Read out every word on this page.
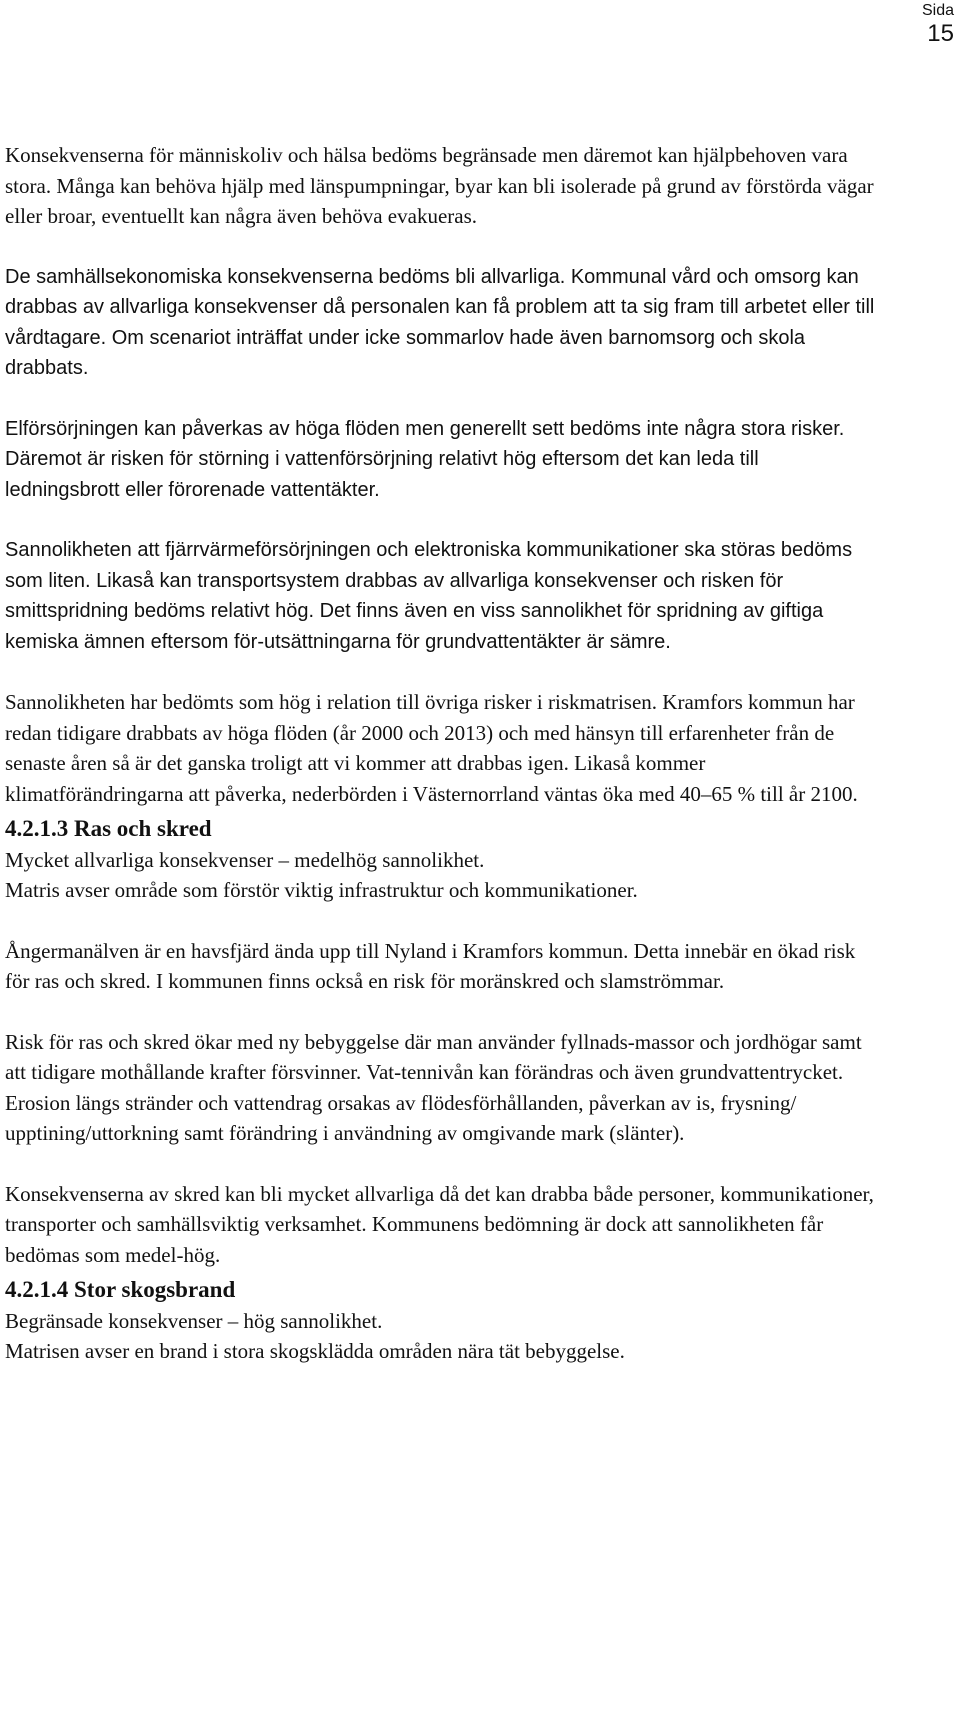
Sida
15

Konsekvenserna för människoliv och hälsa bedöms begränsade men däremot kan hjälpbehoven vara stora. Många kan behöva hjälp med länspumpningar, byar kan bli isolerade på grund av förstörda vägar eller broar, eventuellt kan några även behöva evakueras.

De samhällsekonomiska konsekvenserna bedöms bli allvarliga. Kommunal vård och omsorg kan drabbas av allvarliga konsekvenser då personalen kan få problem att ta sig fram till arbetet eller till vårdtagare. Om scenariot inträffat under icke sommarlov hade även barnomsorg och skola drabbats.

Elförsörjningen kan påverkas av höga flöden men generellt sett bedöms inte några stora risker. Däremot är risken för störning i vattenförsörjning relativt hög eftersom det kan leda till ledningsbrott eller förorenade vattentäkter.

Sannolikheten att fjärrvärmeförsörjningen och elektroniska kommunikationer ska störas bedöms som liten. Likaså kan transportsystem drabbas av allvarliga konsekvenser och risken för smittspridning bedöms relativt hög. Det finns även en viss sannolikhet för spridning av giftiga kemiska ämnen eftersom för-utsättningarna för grundvattentäkter är sämre.

Sannolikheten har bedömts som hög i relation till övriga risker i riskmatrisen. Kramfors kommun har redan tidigare drabbats av höga flöden (år 2000 och 2013) och med hänsyn till erfarenheter från de senaste åren så är det ganska troligt att vi kommer att drabbas igen. Likaså kommer klimatförändringarna att påverka, nederbörden i Västernorrland väntas öka med 40–65 % till år 2100.

4.2.1.3 Ras och skred

Mycket allvarliga konsekvenser – medelhög sannolikhet.

Matris avser område som förstör viktig infrastruktur och kommunikationer.

Ångermanälven är en havsfjärd ända upp till Nyland i Kramfors kommun. Detta innebär en ökad risk för ras och skred. I kommunen finns också en risk för moränskred och slamströmmar.

Risk för ras och skred ökar med ny bebyggelse där man använder fyllnads-massor och jordhögar samt att tidigare mothållande krafter försvinner. Vat-tennivån kan förändras och även grundvattentrycket. Erosion längs stränder och vattendrag orsakas av flödesförhållanden, påverkan av is, frysning/ upptining/uttorkning samt förändring i användning av omgivande mark (slänter).

Konsekvenserna av skred kan bli mycket allvarliga då det kan drabba både personer, kommunikationer, transporter och samhällsviktig verksamhet. Kommunens bedömning är dock att sannolikheten får bedömas som medel-hög.

4.2.1.4 Stor skogsbrand

Begränsade konsekvenser – hög sannolikhet.

Matrisen avser en brand i stora skogsklädda områden nära tät bebyggelse.
